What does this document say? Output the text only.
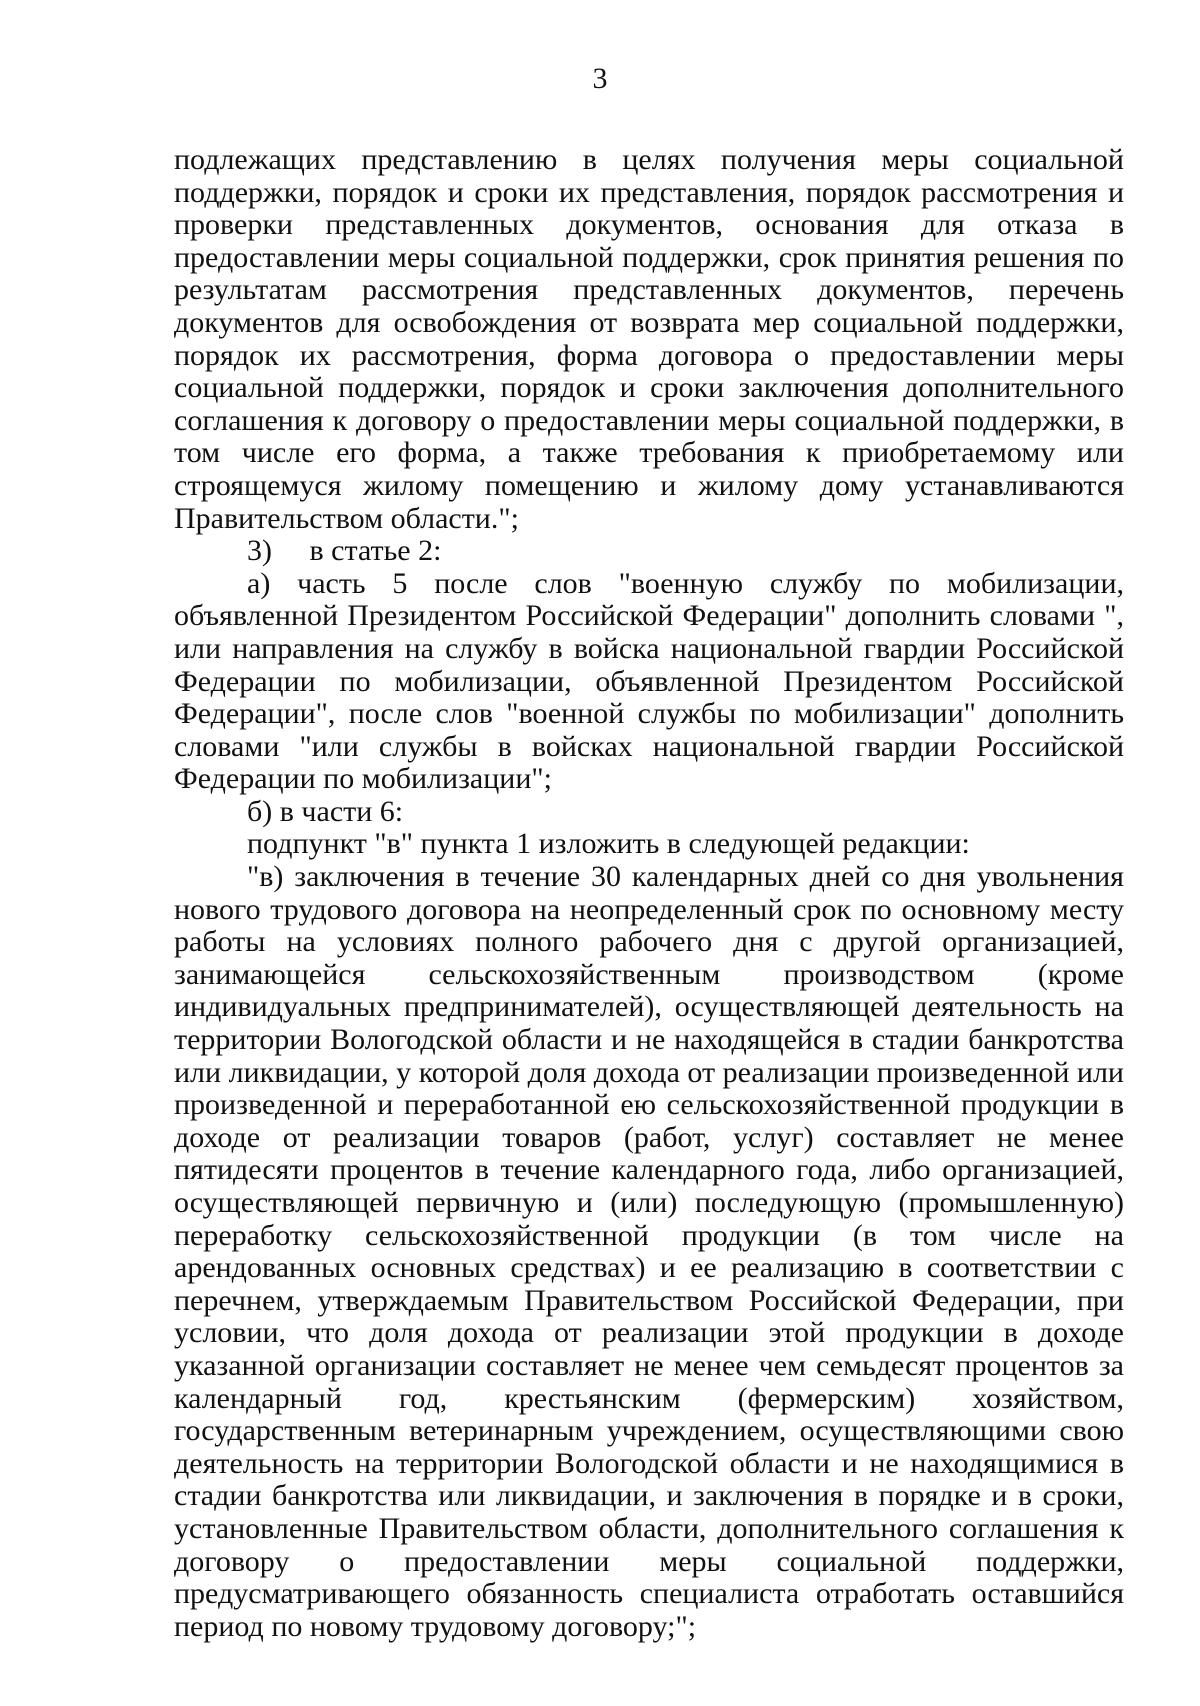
3

подлежащих представлению в целях получения меры социальной поддержки, порядок и сроки их представления, порядок рассмотрения и проверки представленных документов, основания для отказа в предоставлении меры социальной поддержки, срок принятия решения по результатам рассмотрения представленных документов, перечень документов для освобождения от возврата мер социальной поддержки, порядок их рассмотрения, форма договора о предоставлении меры социальной поддержки, порядок и сроки заключения дополнительного соглашения к договору о предоставлении меры социальной поддержки, в том числе его форма, а также требования к приобретаемому или строящемуся жилому помещению и жилому дому устанавливаются Правительством области.";

3)     в статье 2:

а) часть 5 после слов "военную службу по мобилизации, объявленной Президентом Российской Федерации" дополнить словами ", или направления на службу в войска национальной гвардии Российской Федерации по мобилизации, объявленной Президентом Российской Федерации", после слов "военной службы по мобилизации" дополнить словами "или службы в войсках национальной гвардии Российской Федерации по мобилизации";

б) в части 6:

подпункт "в" пункта 1 изложить в следующей редакции:

"в) заключения в течение 30 календарных дней со дня увольнения нового трудового договора на неопределенный срок по основному месту работы на условиях полного рабочего дня с другой организацией, занимающейся сельскохозяйственным производством (кроме индивидуальных предпринимателей), осуществляющей деятельность на территории Вологодской области и не находящейся в стадии банкротства или ликвидации, у которой доля дохода от реализации произведенной или произведенной и переработанной ею сельскохозяйственной продукции в доходе от реализации товаров (работ, услуг) составляет не менее пятидесяти процентов в течение календарного года, либо организацией, осуществляющей первичную и (или) последующую (промышленную) переработку сельскохозяйственной продукции (в том числе на арендованных основных средствах) и ее реализацию в соответствии с перечнем, утверждаемым Правительством Российской Федерации, при условии, что доля дохода от реализации этой продукции в доходе указанной организации составляет не менее чем семьдесят процентов за календарный год, крестьянским (фермерским) хозяйством, государственным ветеринарным учреждением, осуществляющими свою деятельность на территории Вологодской области и не находящимися в стадии банкротства или ликвидации, и заключения в порядке и в сроки, установленные Правительством области, дополнительного соглашения к договору о предоставлении меры социальной поддержки, предусматривающего обязанность специалиста отработать оставшийся период по новому трудовому договору;";
